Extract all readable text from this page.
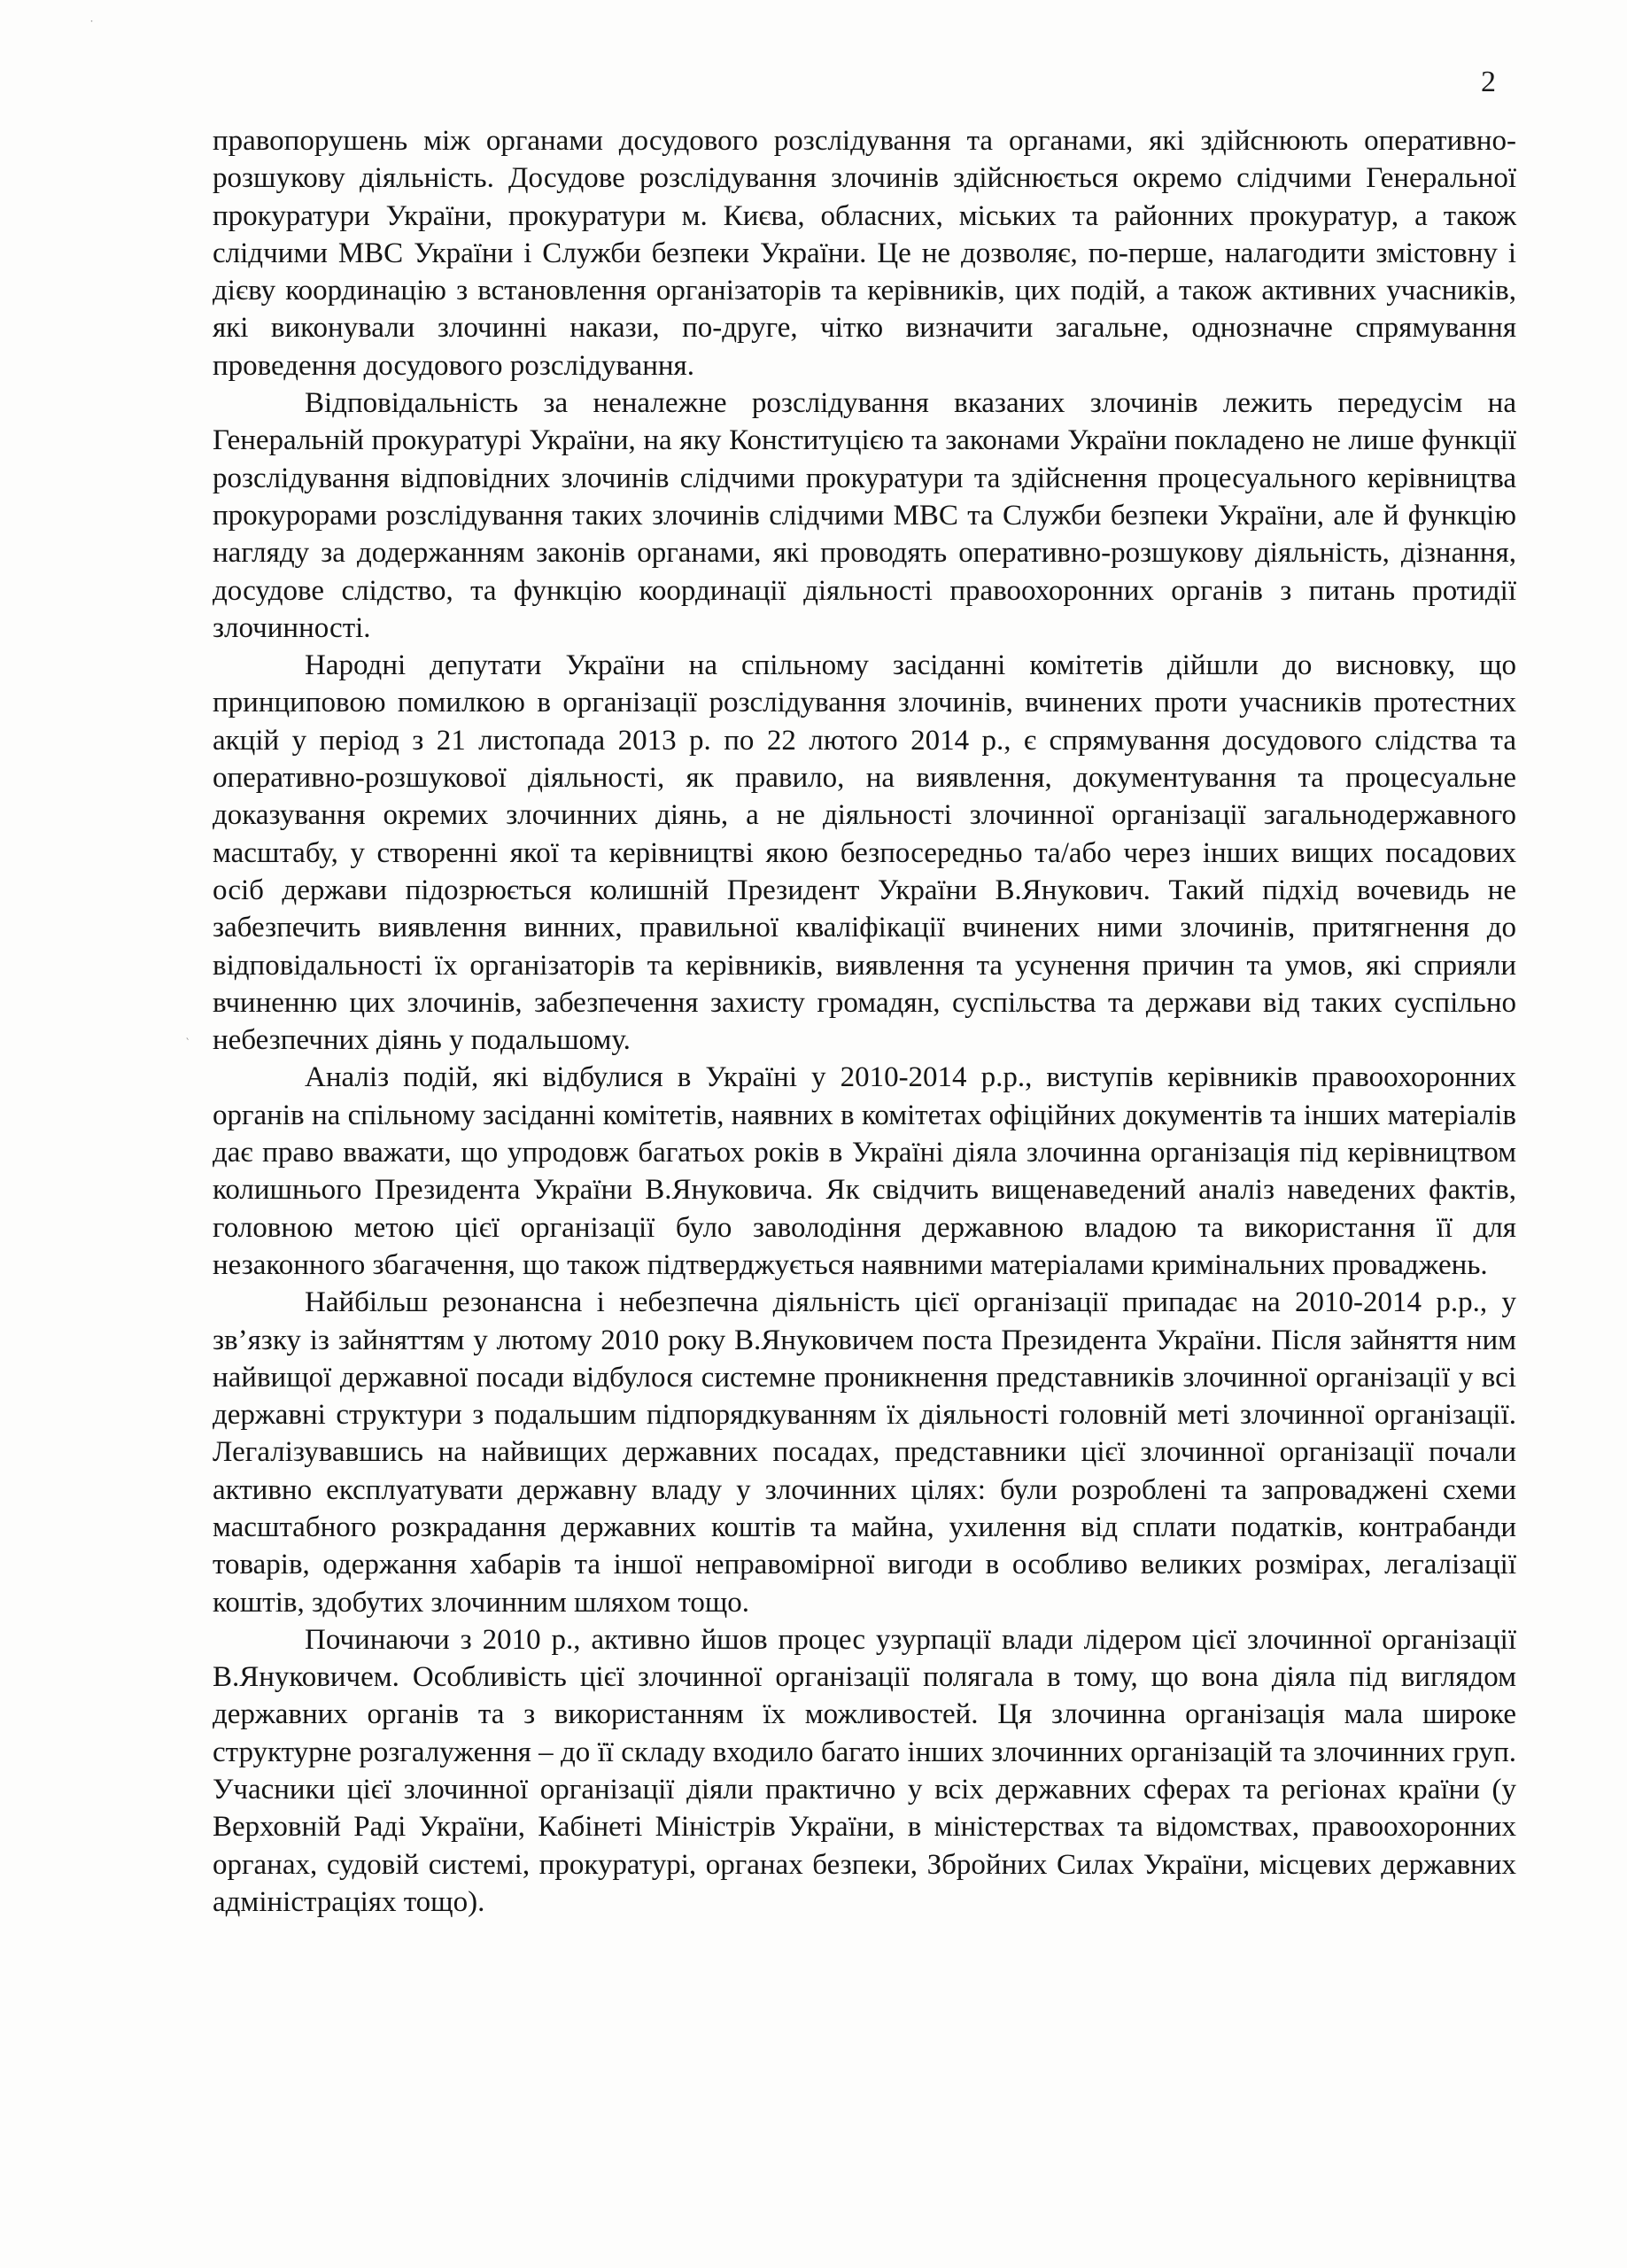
2

правопорушень між органами досудового розслідування та органами, які здійснюють оперативно-розшукову діяльність. Досудове розслідування злочинів здійснюється окремо слідчими Генеральної прокуратури України, прокуратури м. Києва, обласних, міських та районних прокуратур, а також слідчими МВС України і Служби безпеки України. Це не дозволяє, по-перше, налагодити змістовну і дієву координацію з встановлення організаторів та керівників, цих подій, а також активних учасників, які виконували злочинні накази, по-друге, чітко визначити загальне, однозначне спрямування проведення досудового розслідування.

Відповідальність за неналежне розслідування вказаних злочинів лежить передусім на Генеральній прокуратурі України, на яку Конституцією та законами України покладено не лише функції розслідування відповідних злочинів слідчими прокуратури та здійснення процесуального керівництва прокурорами розслідування таких злочинів слідчими МВС та Служби безпеки України, але й функцію нагляду за додержанням законів органами, які проводять оперативно-розшукову діяльність, дізнання, досудове слідство, та функцію координації діяльності правоохоронних органів з питань протидії злочинності.

Народні депутати України на спільному засіданні комітетів дійшли до висновку, що принциповою помилкою в організації розслідування злочинів, вчинених проти учасників протестних акцій у період з 21 листопада 2013 р. по 22 лютого 2014 р., є спрямування досудового слідства та оперативно-розшукової діяльності, як правило, на виявлення, документування та процесуальне доказування окремих злочинних діянь, а не діяльності злочинної організації загальнодержавного масштабу, у створенні якої та керівництві якою безпосередньо та/або через інших вищих посадових осіб держави підозрюється колишній Президент України В.Янукович. Такий підхід вочевидь не забезпечить виявлення винних, правильної кваліфікації вчинених ними злочинів, притягнення до відповідальності їх організаторів та керівників, виявлення та усунення причин та умов, які сприяли вчиненню цих злочинів, забезпечення захисту громадян, суспільства та держави від таких суспільно небезпечних діянь у подальшому.

Аналіз подій, які відбулися в Україні у 2010-2014 р.р., виступів керівників правоохоронних органів на спільному засіданні комітетів, наявних в комітетах офіційних документів та інших матеріалів дає право вважати, що упродовж багатьох років в Україні діяла злочинна організація під керівництвом колишнього Президента України В.Януковича. Як свідчить вищенаведений аналіз наведених фактів, головною метою цієї організації було заволодіння державною владою та використання її для незаконного збагачення, що також підтверджується наявними матеріалами кримінальних проваджень.

Найбільш резонансна і небезпечна діяльність цієї організації припадає на 2010-2014 р.р., у зв’язку із зайняттям у лютому 2010 року В.Януковичем поста Президента України. Після зайняття ним найвищої державної посади відбулося системне проникнення представників злочинної організації у всі державні структури з подальшим підпорядкуванням їх діяльності головній меті злочинної організації. Легалізувавшись на найвищих державних посадах, представники цієї злочинної організації почали активно експлуатувати державну владу у злочинних цілях: були розроблені та запроваджені схеми масштабного розкрадання державних коштів та майна, ухилення від сплати податків, контрабанди товарів, одержання хабарів та іншої неправомірної вигоди в особливо великих розмірах, легалізації коштів, здобутих злочинним шляхом тощо.

Починаючи з 2010 р., активно йшов процес узурпації влади лідером цієї злочинної організації В.Януковичем. Особливість цієї злочинної організації полягала в тому, що вона діяла під виглядом державних органів та з використанням їх можливостей. Ця злочинна організація мала широке структурне розгалуження – до її складу входило багато інших злочинних організацій та злочинних груп. Учасники цієї злочинної організації діяли практично у всіх державних сферах та регіонах країни (у Верховній Раді України, Кабінеті Міністрів України, в міністерствах та відомствах, правоохоронних органах, судовій системі, прокуратурі, органах безпеки, Збройних Силах України, місцевих державних адміністраціях тощо).

˙
‵
